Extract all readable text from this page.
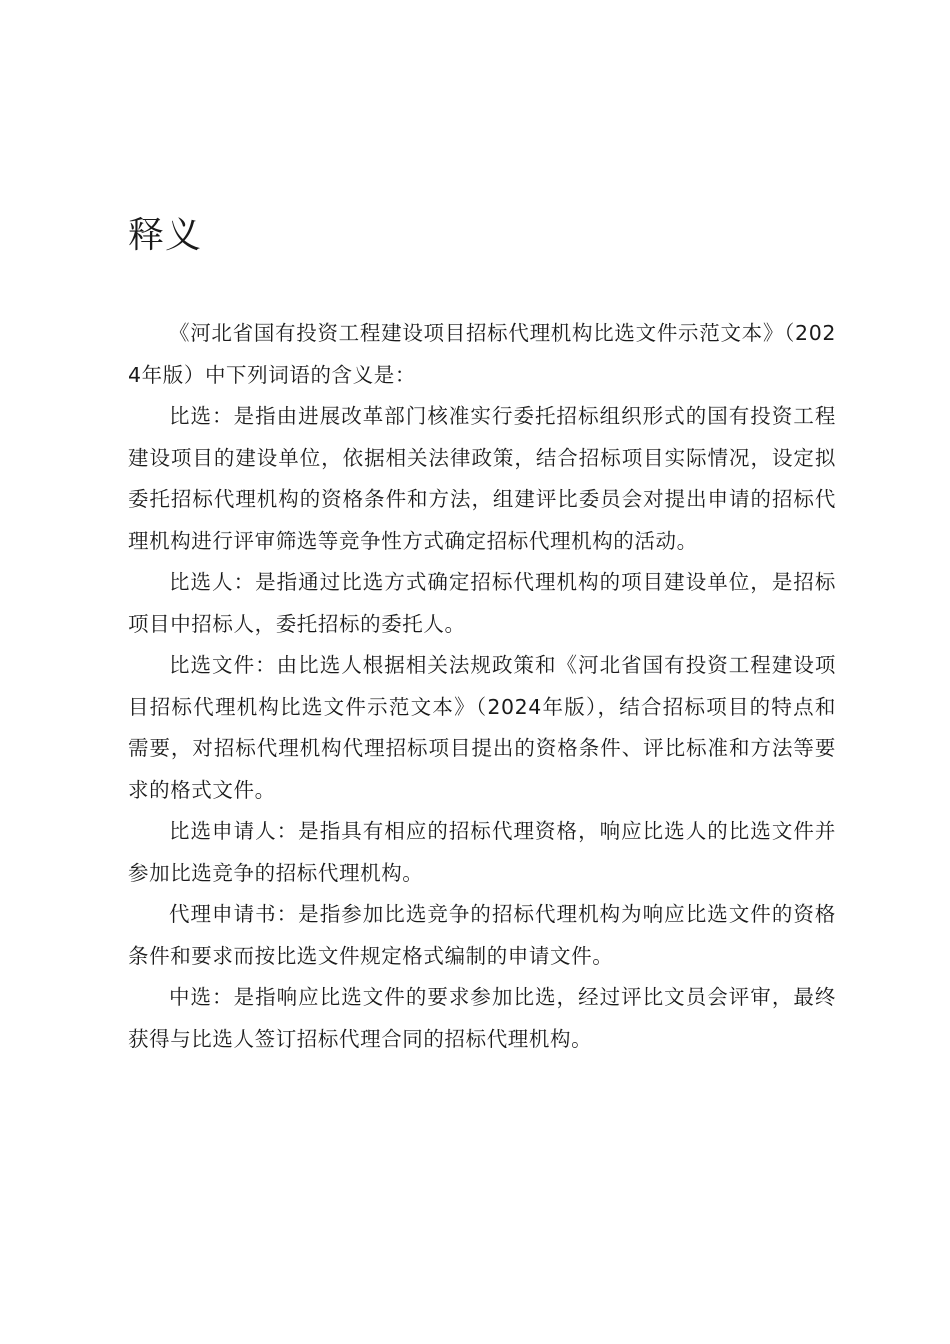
释义

《河北省国有投资工程建设项目招标代理机构比选文件示范文本》（2024年版）中下列词语的含义是：

比选：是指由进展改革部门核准实行委托招标组织形式的国有投资工程建设项目的建设单位，依据相关法律政策，结合招标项目实际情况，设定拟委托招标代理机构的资格条件和方法，组建评比委员会对提出申请的招标代理机构进行评审筛选等竞争性方式确定招标代理机构的活动。

比选人：是指通过比选方式确定招标代理机构的项目建设单位，是招标项目中招标人，委托招标的委托人。

比选文件：由比选人根据相关法规政策和《河北省国有投资工程建设项目招标代理机构比选文件示范文本》（2024年版），结合招标项目的特点和需要，对招标代理机构代理招标项目提出的资格条件、评比标准和方法等要求的格式文件。

比选申请人：是指具有相应的招标代理资格，响应比选人的比选文件并参加比选竞争的招标代理机构。

代理申请书：是指参加比选竞争的招标代理机构为响应比选文件的资格条件和要求而按比选文件规定格式编制的申请文件。

中选：是指响应比选文件的要求参加比选，经过评比文员会评审，最终获得与比选人签订招标代理合同的招标代理机构。
